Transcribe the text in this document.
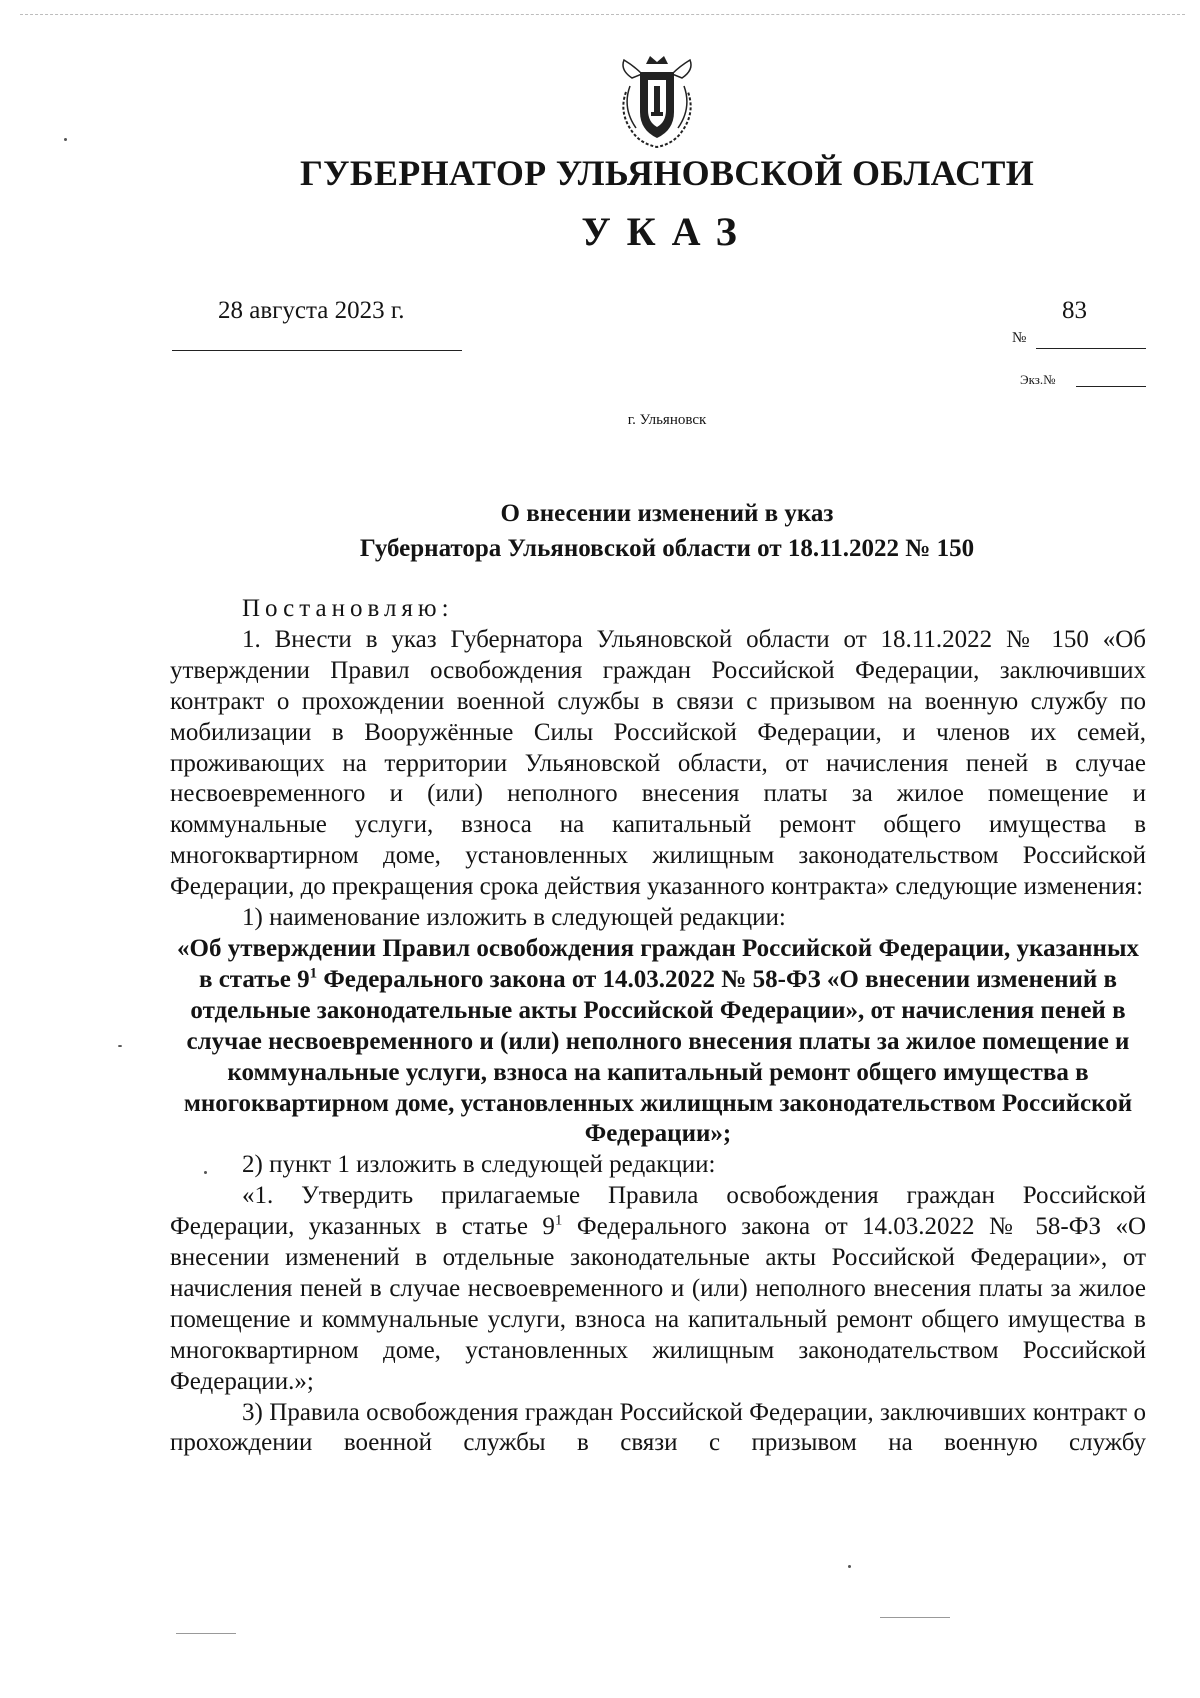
ГУБЕРНАТОР УЛЬЯНОВСКОЙ ОБЛАСТИ
УКАЗ
28 августа 2023 г.	83
№
Экз.№
г. Ульяновск
О внесении изменений в указ
Губернатора Ульяновской области от 18.11.2022 № 150

Постановляю:

1. Внести в указ Губернатора Ульяновской области от 18.11.2022 № 150 «Об утверждении Правил освобождения граждан Российской Федерации, заключивших контракт о прохождении военной службы в связи с призывом на военную службу по мобилизации в Вооружённые Силы Российской Федерации, и членов их семей, проживающих на территории Ульяновской области, от начисления пеней в случае несвоевременного и (или) неполного внесения платы за жилое помещение и коммунальные услуги, взноса на капитальный ремонт общего имущества в многоквартирном доме, установленных жилищным законодательством Российской Федерации, до прекращения срока действия указанного контракта» следующие изменения:

1) наименование изложить в следующей редакции:

«Об утверждении Правил освобождения граждан Российской Федерации, указанных в статье $9^1$ Федерального закона от 14.03.2022 № 58-ФЗ «О внесении изменений в отдельные законодательные акты Российской Федерации», от начисления пеней в случае несвоевременного и (или) неполного внесения платы за жилое помещение и коммунальные услуги, взноса на капитальный ремонт общего имущества в многоквартирном доме, установленных жилищным законодательством Российской Федерации»;

2) пункт 1 изложить в следующей редакции:

«1. Утвердить прилагаемые Правила освобождения граждан Российской Федерации, указанных в статье $9^1$ Федерального закона от 14.03.2022 № 58-ФЗ «О внесении изменений в отдельные законодательные акты Российской Федерации», от начисления пеней в случае несвоевременного и (или) неполного внесения платы за жилое помещение и коммунальные услуги, взноса на капитальный ремонт общего имущества в многоквартирном доме, установленных жилищным законодательством Российской Федерации.»;

3) Правила освобождения граждан Российской Федерации, заключивших контракт о прохождении военной службы в связи с призывом на военную службу
